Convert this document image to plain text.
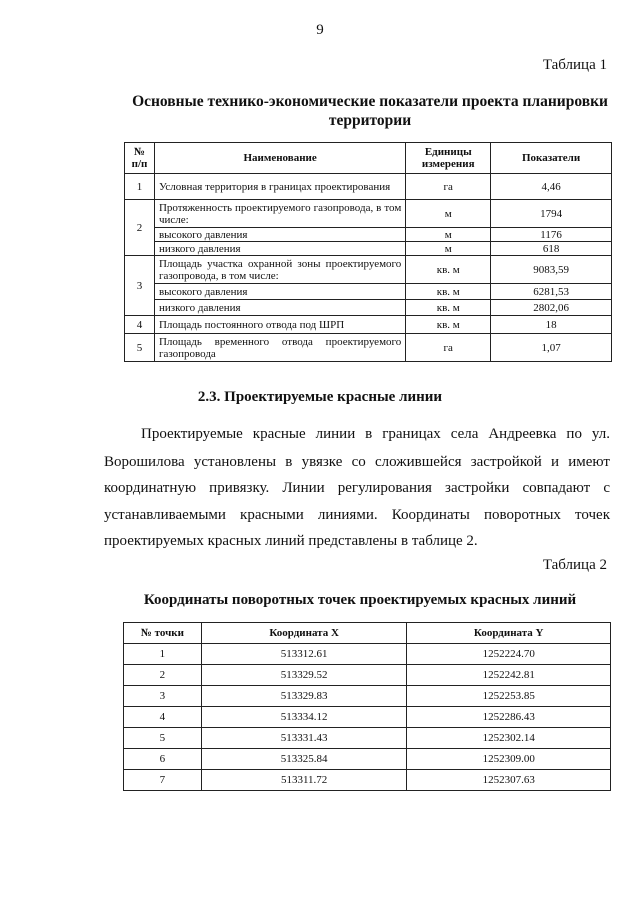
9
Таблица 1
Основные технико-экономические показатели проекта планировки территории
№ п/п	Наименование	Единицы измерения	Показатели
1	Условная территория в границах проектирования	га	4,46
2	Протяженность проектируемого газопровода, в том числе:	м	1794
	высокого давления	м	1176
	низкого давления	м	618
3	Площадь участка охранной зоны проектируемого газопровода, в том числе:	кв. м	9083,59
	высокого давления	кв. м	6281,53
	низкого давления	кв. м	2802,06
4	Площадь постоянного отвода под ШРП	кв. м	18
5	Площадь временного отвода проектируемого газопровода	га	1,07
2.3. Проектируемые красные линии
Проектируемые красные линии в границах села Андреевка по ул.
Ворошилова установлены в увязке со сложившейся застройкой и имеют
координатную привязку. Линии регулирования застройки совпадают с
устанавливаемыми красными линиями. Координаты поворотных точек
проектируемых красных линий представлены в таблице 2.
Таблица 2
Координаты поворотных точек проектируемых красных линий
№ точки	Координата X	Координата Y
1	513312.61	1252224.70
2	513329.52	1252242.81
3	513329.83	1252253.85
4	513334.12	1252286.43
5	513331.43	1252302.14
6	513325.84	1252309.00
7	513311.72	1252307.63
